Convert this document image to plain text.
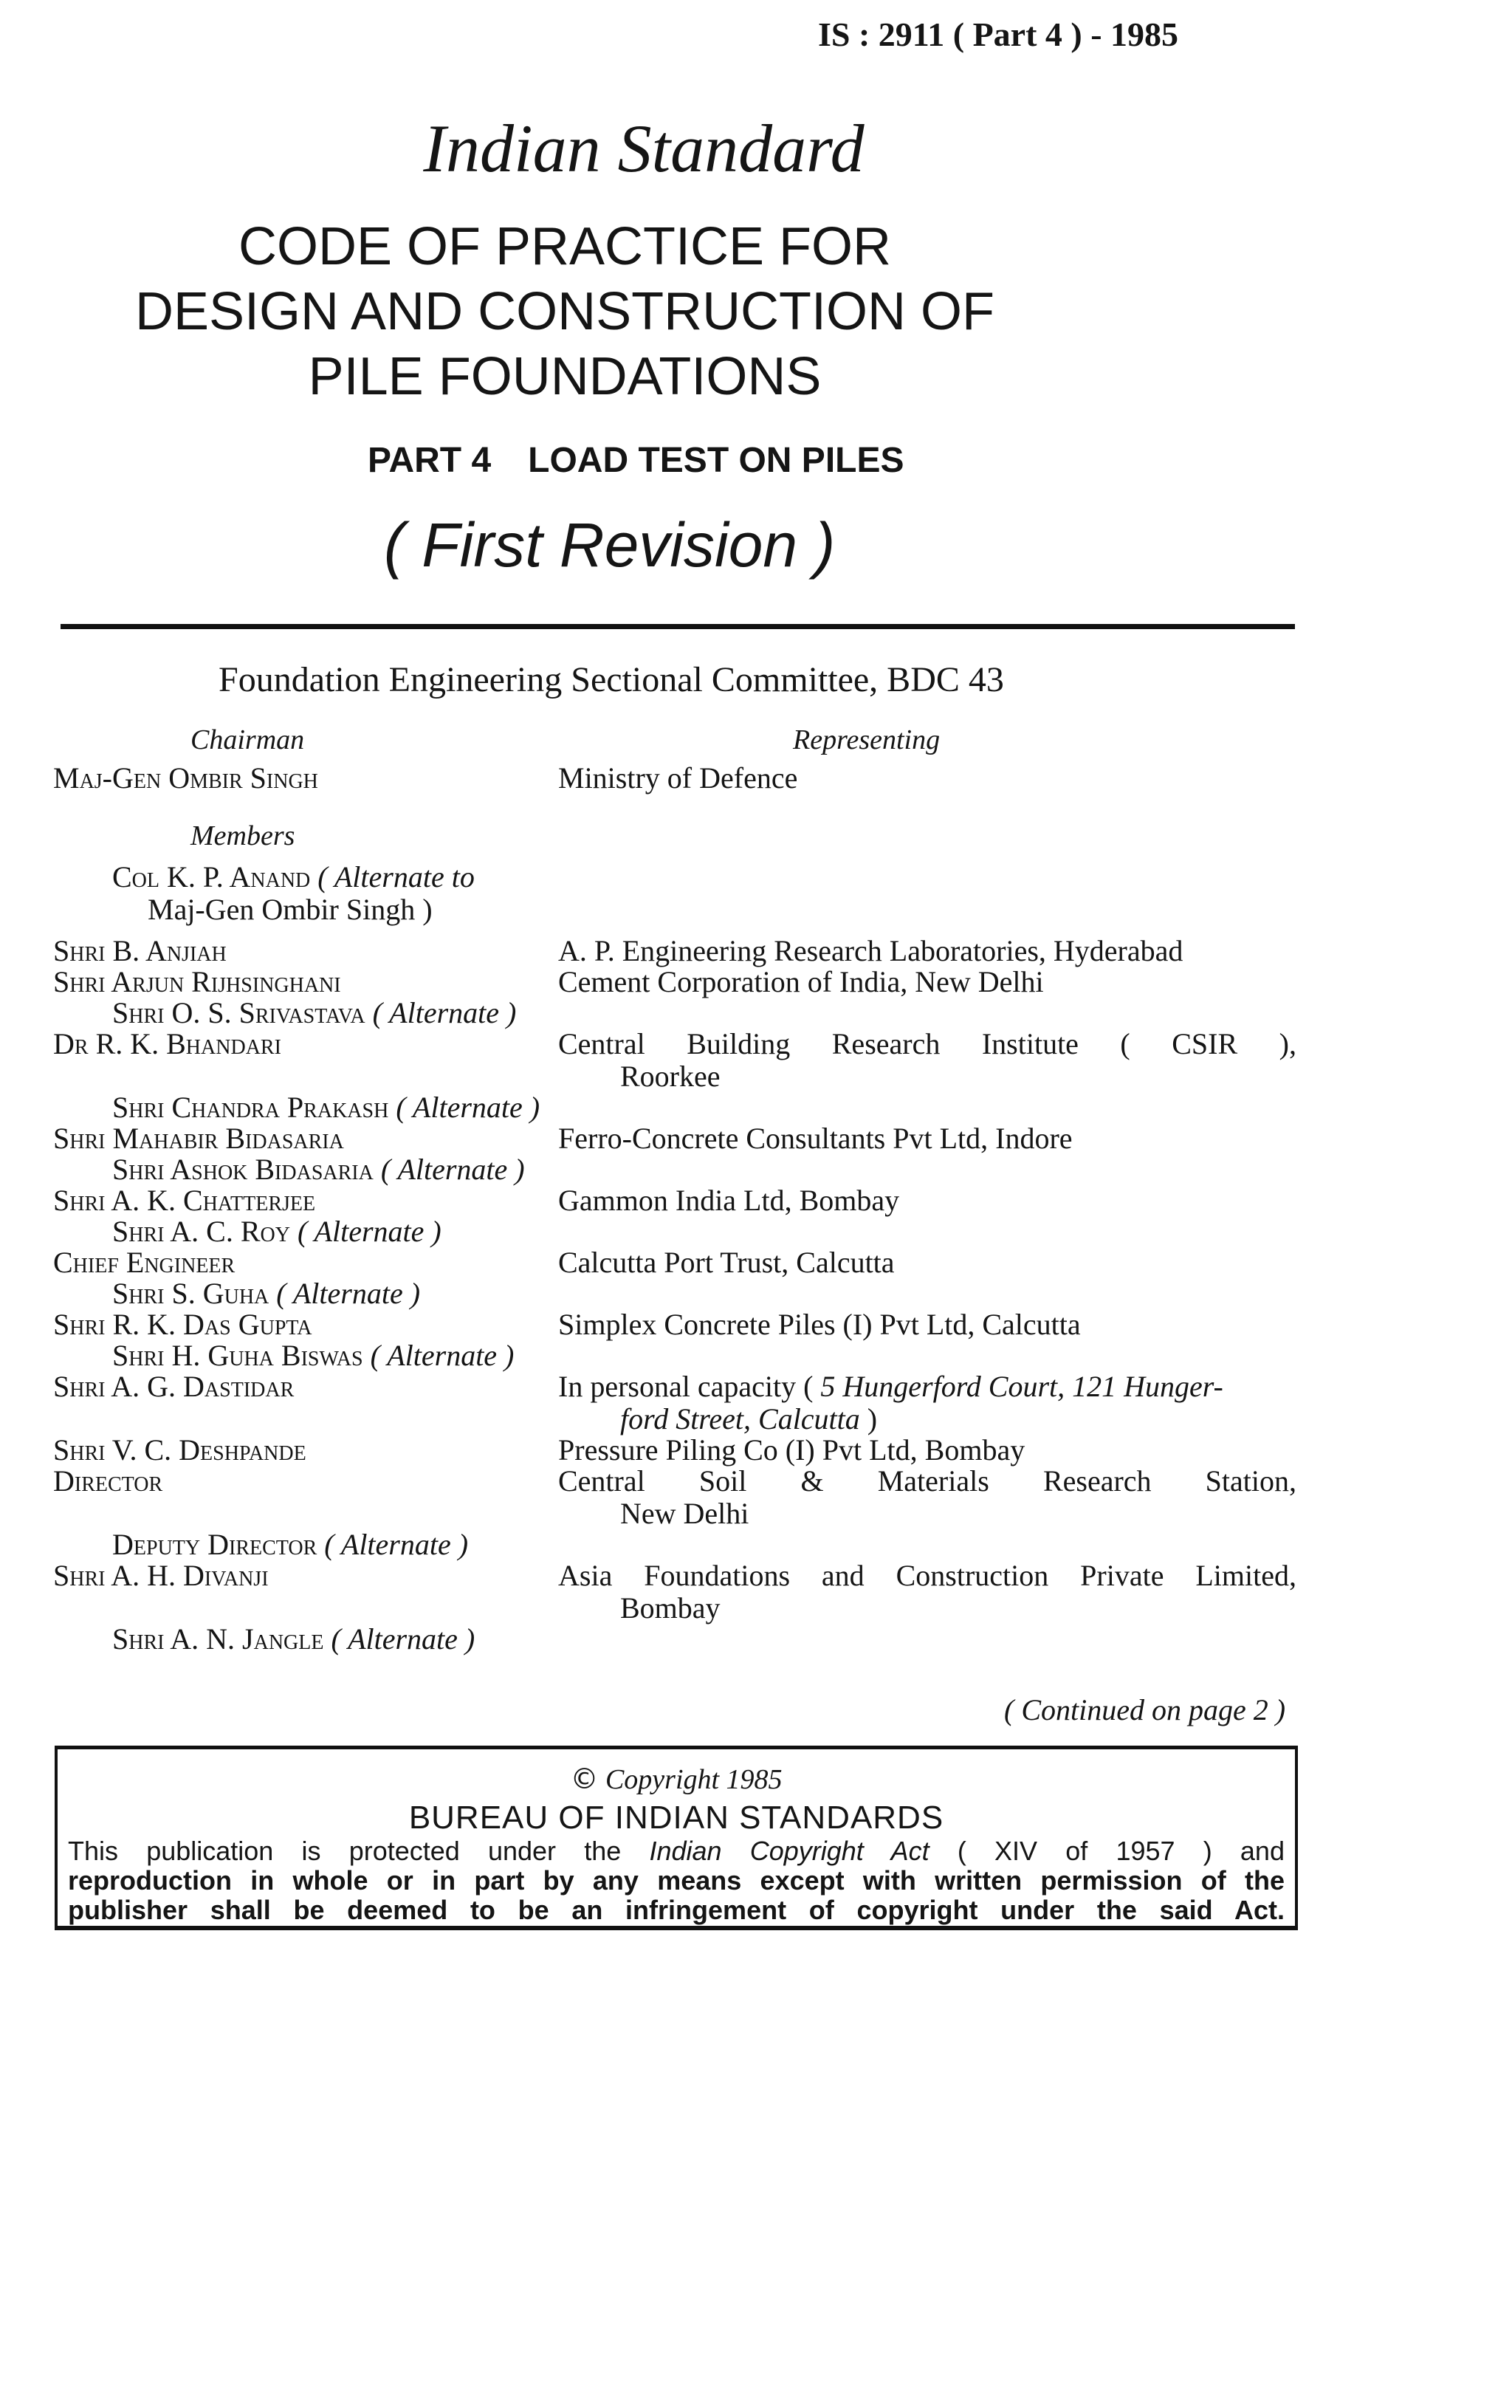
IS : 2911 ( Part 4 ) - 1985
Indian Standard
CODE OF PRACTICE FOR
DESIGN AND CONSTRUCTION OF
PILE FOUNDATIONS
PART 4 LOAD TEST ON PILES
( First Revision )
Foundation Engineering Sectional Committee, BDC 43
Chairman	Representing
Maj-Gen Ombir Singh	Ministry of Defence
Members
Col K. P. Anand ( Alternate to
Maj-Gen Ombir Singh )
Shri B. Anjiah	A. P. Engineering Research Laboratories, Hyderabad
Shri Arjun Rijhsinghani	Cement Corporation of India, New Delhi
Shri O. S. Srivastava ( Alternate )
Dr R. K. Bhandari	Central Building Research Institute ( CSIR ),
Roorkee
Shri Chandra Prakash ( Alternate )
Shri Mahabir Bidasaria	Ferro-Concrete Consultants Pvt Ltd, Indore
Shri Ashok Bidasaria ( Alternate )
Shri A. K. Chatterjee	Gammon India Ltd, Bombay
Shri A. C. Roy ( Alternate )
Chief Engineer	Calcutta Port Trust, Calcutta
Shri S. Guha ( Alternate )
Shri R. K. Das Gupta	Simplex Concrete Piles (I) Pvt Ltd, Calcutta
Shri H. Guha Biswas ( Alternate )
Shri A. G. Dastidar	In personal capacity ( 5 Hungerford Court, 121 Hunger-
ford Street, Calcutta )
Shri V. C. Deshpande	Pressure Piling Co (I) Pvt Ltd, Bombay
Director	Central Soil & Materials Research Station,
New Delhi
Deputy Director ( Alternate )
Shri A. H. Divanji	Asia Foundations and Construction Private Limited,
Bombay
Shri A. N. Jangle ( Alternate )
( Continued on page 2 )
© Copyright 1985
BUREAU OF INDIAN STANDARDS
This publication is protected under the Indian Copyright Act ( XIV of 1957 ) and
reproduction in whole or in part by any means except with written permission of the
publisher shall be deemed to be an infringement of copyright under the said Act.
